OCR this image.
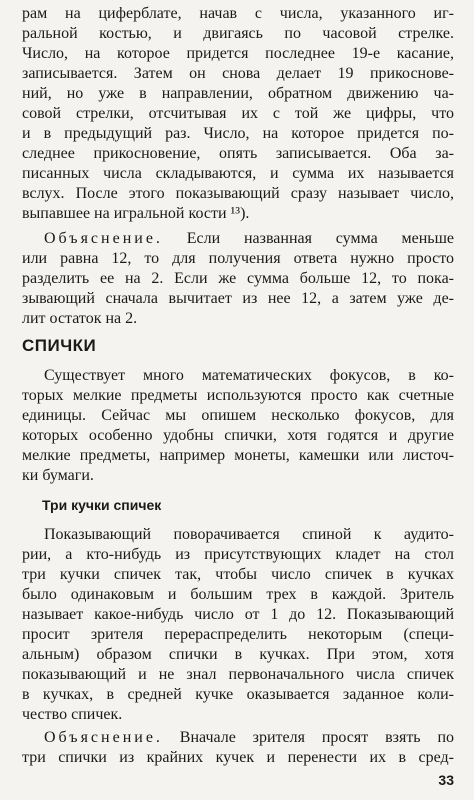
рам на циферблате, начав с числа, указанного иг-
ральной костью, и двигаясь по часовой стрелке.
Число, на которое придется последнее 19-е касание,
записывается. Затем он снова делает 19 прикоснове-
ний, но уже в направлении, обратном движению ча-
совой стрелки, отсчитывая их с той же цифры, что
и в предыдущий раз. Число, на которое придется по-
следнее прикосновение, опять записывается. Оба за-
писанных числа складываются, и сумма их называется
вслух. После этого показывающий сразу называет число,
выпавшее на игральной кости ¹³).
Объяснение. Если названная сумма меньше
или равна 12, то для получения ответа нужно просто
разделить ее на 2. Если же сумма больше 12, то пока-
зывающий сначала вычитает из нее 12, а затем уже де-
лит остаток на 2.
СПИЧКИ
Существует много математических фокусов, в ко-
торых мелкие предметы используются просто как счетные
единицы. Сейчас мы опишем несколько фокусов, для
которых особенно удобны спички, хотя годятся и другие
мелкие предметы, например монеты, камешки или листоч-
ки бумаги.
Три кучки спичек
Показывающий поворачивается спиной к аудито-
рии, а кто-нибудь из присутствующих кладет на стол
три кучки спичек так, чтобы число спичек в кучках
было одинаковым и большим трех в каждой. Зритель
называет какое-нибудь число от 1 до 12. Показывающий
просит зрителя перераспределить некоторым (специ-
альным) образом спички в кучках. При этом, хотя
показывающий и не знал первоначального числа спичек
в кучках, в средней кучке оказывается заданное коли-
чество спичек.
Объяснение. Вначале зрителя просят взять по
три спички из крайних кучек и перенести их в сред-
33
